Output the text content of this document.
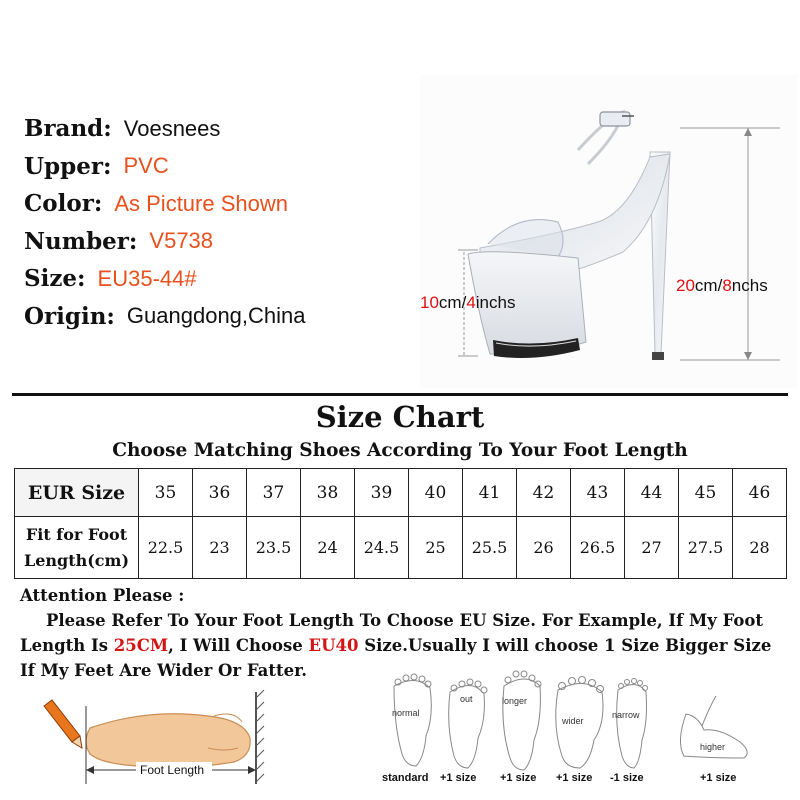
Brand: Voesnees
Upper: PVC
Color: As Picture Shown
Number: V5738
Size: EU35-44#
Origin: Guangdong,China
10cm/4inchs
20cm/8nchs
Size Chart
Choose Matching Shoes According To Your Foot Length
EUR Size	35	36	37	38	39	40	41	42	43	44	45	46
Fit for Foot
Length(cm)	22.5	23	23.5	24	24.5	25	25.5	26	26.5	27	27.5	28
Attention Please :
Please Refer To Your Foot Length To Choose EU Size. For Example, If My Foot Length Is 25CM, I Will Choose EU40 Size.Usually I will choose 1 Size Bigger Size If My Feet Are Wider Or Fatter.
Foot Length
normal
out	longer
wider
narrow
higher
standard +1 size +1 size +1 size -1 size	+1 size
